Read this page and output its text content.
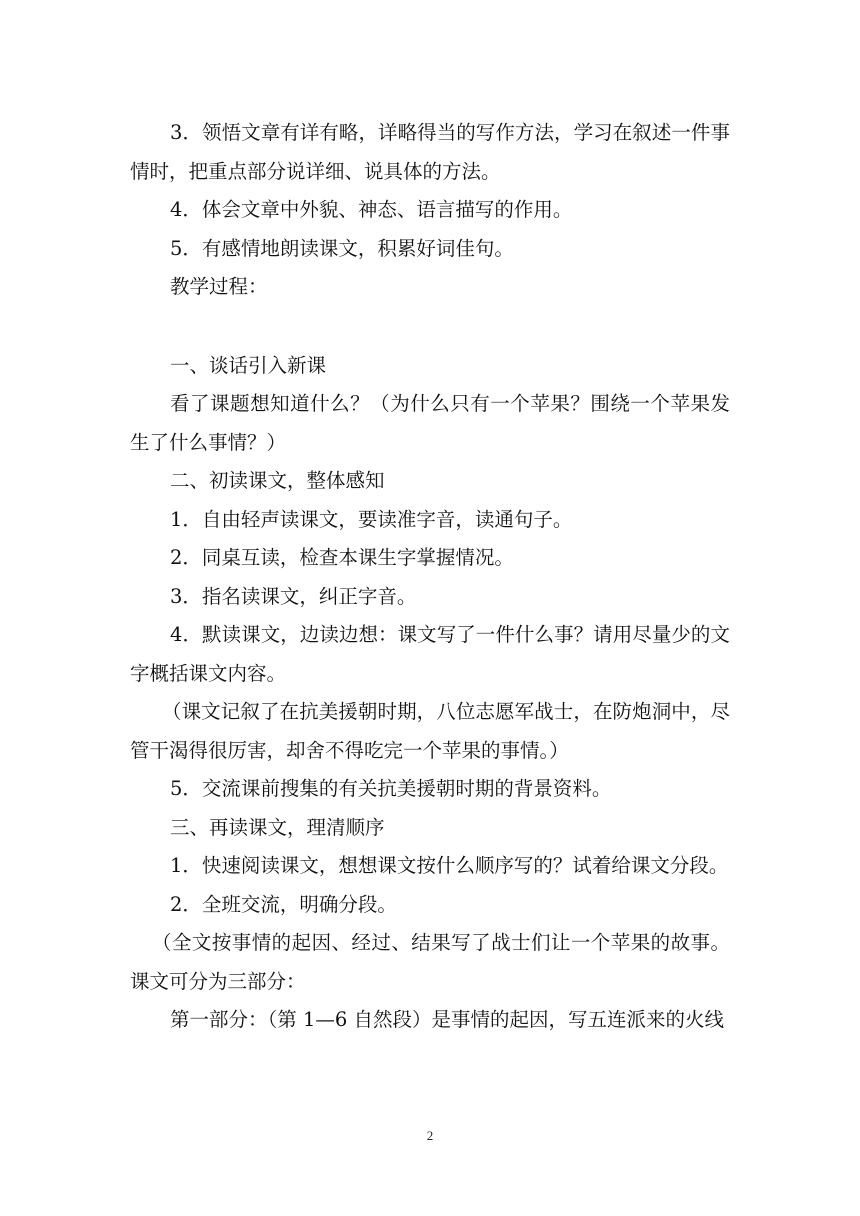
3．领悟文章有详有略，详略得当的写作方法，学习在叙述一件事情时，把重点部分说详细、说具体的方法。

4．体会文章中外貌、神态、语言描写的作用。

5．有感情地朗读课文，积累好词佳句。

教学过程：

一、谈话引入新课

看了课题想知道什么？（为什么只有一个苹果？围绕一个苹果发生了什么事情？）

二、初读课文，整体感知

1．自由轻声读课文，要读准字音，读通句子。

2．同桌互读，检查本课生字掌握情况。

3．指名读课文，纠正字音。

4．默读课文，边读边想：课文写了一件什么事？请用尽量少的文字概括课文内容。

（课文记叙了在抗美援朝时期，八位志愿军战士，在防炮洞中，尽管干渴得很厉害，却舍不得吃完一个苹果的事情。）

5．交流课前搜集的有关抗美援朝时期的背景资料。

三、再读课文，理清顺序

1．快速阅读课文，想想课文按什么顺序写的？试着给课文分段。

2．全班交流，明确分段。

（全文按事情的起因、经过、结果写了战士们让一个苹果的故事。课文可分为三部分：

第一部分：（第 1—6 自然段）是事情的起因，写五连派来的火线

2
